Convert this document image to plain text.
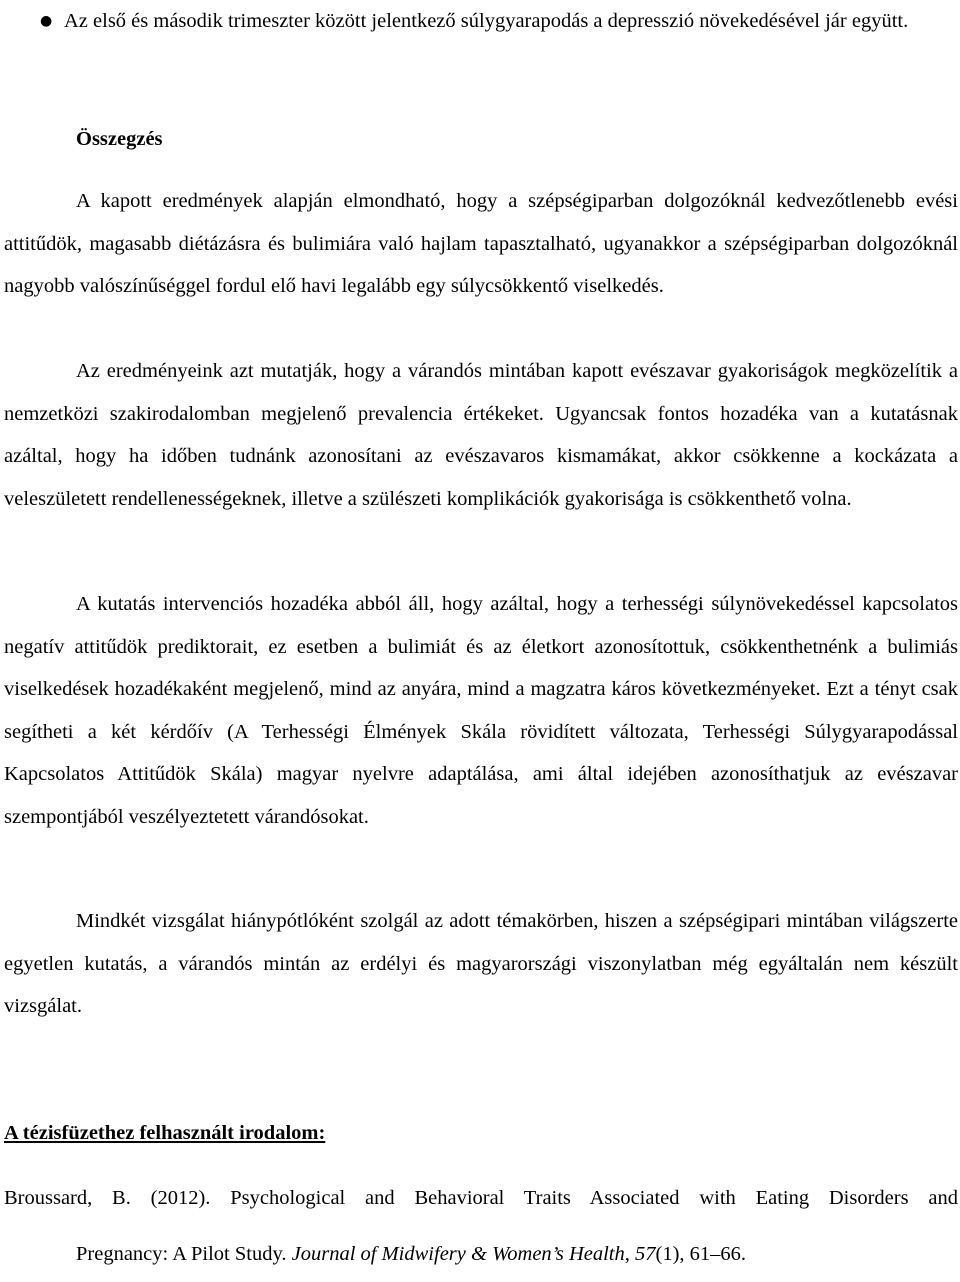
● Az első és második trimeszter között jelentkező súlygyarapodás a depresszió növekedésével jár együtt.
Összegzés
A kapott eredmények alapján elmondható, hogy a szépségiparban dolgozóknál kedvezőtlenebb evési attitűdök, magasabb diétázásra és bulimiára való hajlam tapasztalható, ugyanakkor a szépségiparban dolgozóknál nagyobb valószínűséggel fordul elő havi legalább egy súlycsökkentő viselkedés.
Az eredményeink azt mutatják, hogy a várandós mintában kapott evészavar gyakoriságok megközelítik a nemzetközi szakirodalomban megjelenő prevalencia értékeket. Ugyancsak fontos hozadéka van a kutatásnak azáltal, hogy ha időben tudnánk azonosítani az evészavaros kismamákat, akkor csökkenne a kockázata a veleszületett rendellenességeknek, illetve a szülészeti komplikációk gyakorisága is csökkenthető volna.
A kutatás intervenciós hozadéka abból áll, hogy azáltal, hogy a terhességi súlynövekedéssel kapcsolatos negatív attitűdök prediktorait, ez esetben a bulimiát és az életkort azonosítottuk, csökkenthetnénk a bulimiás viselkedések hozadékaként megjelenő, mind az anyára, mind a magzatra káros következményeket. Ezt a tényt csak segítheti a két kérdőív (A Terhességi Élmények Skála rövidített változata, Terhességi Súlygyarapodással Kapcsolatos Attitűdök Skála) magyar nyelvre adaptálása, ami által idejében azonosíthatjuk az evészavar szempontjából veszélyeztetett várandósokat.
Mindkét vizsgálat hiánypótlóként szolgál az adott témakörben, hiszen a szépségipari mintában világszerte egyetlen kutatás, a várandós mintán az erdélyi és magyarországi viszonylatban még egyáltalán nem készült vizsgálat.
A tézisfüzethez felhasznált irodalom:
Broussard, B. (2012). Psychological and Behavioral Traits Associated with Eating Disorders and
Pregnancy: A Pilot Study. Journal of Midwifery & Women’s Health, 57(1), 61–66.
